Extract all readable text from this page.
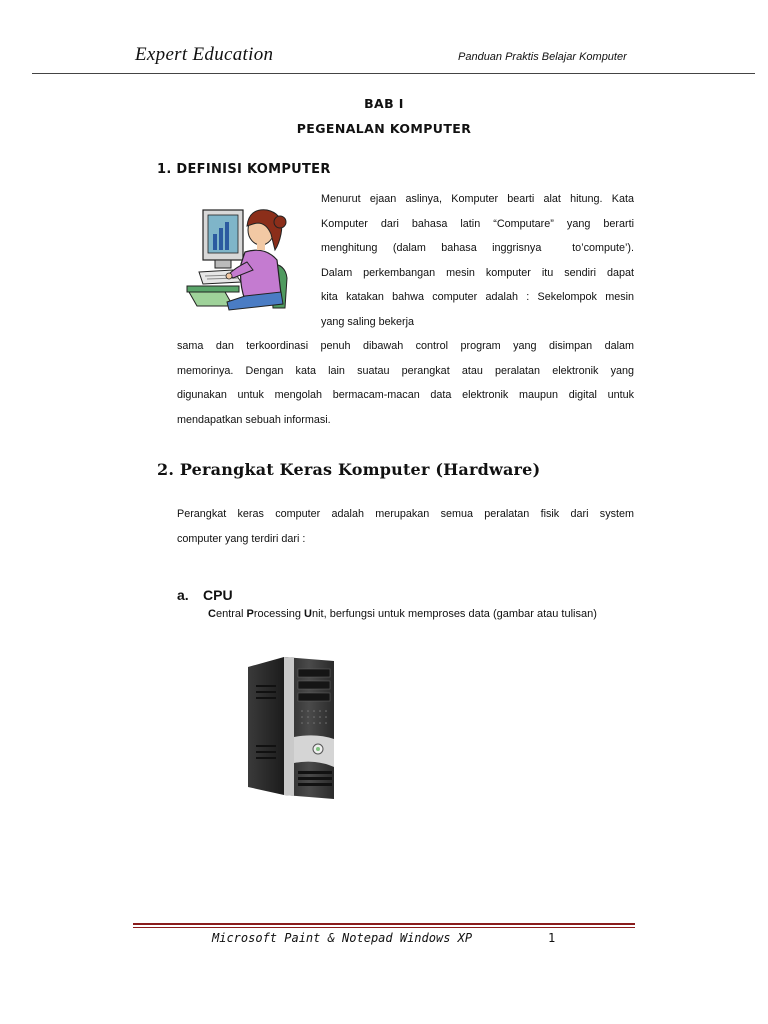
Expert Education	Panduan Praktis Belajar Komputer
BAB I
PEGENALAN KOMPUTER
1. DEFINISI KOMPUTER
Menurut ejaan aslinya, Komputer bearti alat hitung. Kata
Komputer dari bahasa latin “Computare” yang berarti
menghitung (dalam bahasa inggrisnya  to’compute’).
Dalam perkembangan mesin komputer itu sendiri dapat
kita katakan bahwa computer adalah : Sekelompok mesin
yang saling bekerja
sama dan terkoordinasi penuh dibawah control program yang disimpan dalam
memorinya. Dengan kata lain suatau perangkat atau peralatan elektronik yang
digunakan untuk mengolah bermacam-macan data elektronik maupun digital untuk
mendapatkan sebuah informasi.
2. Perangkat Keras Komputer (Hardware)
Perangkat keras computer adalah merupakan semua peralatan fisik dari system
computer yang terdiri dari :
a. CPU
Central Processing Unit, berfungsi untuk memproses data (gambar atau tulisan)
Microsoft Paint & Notepad Windows XP	1
